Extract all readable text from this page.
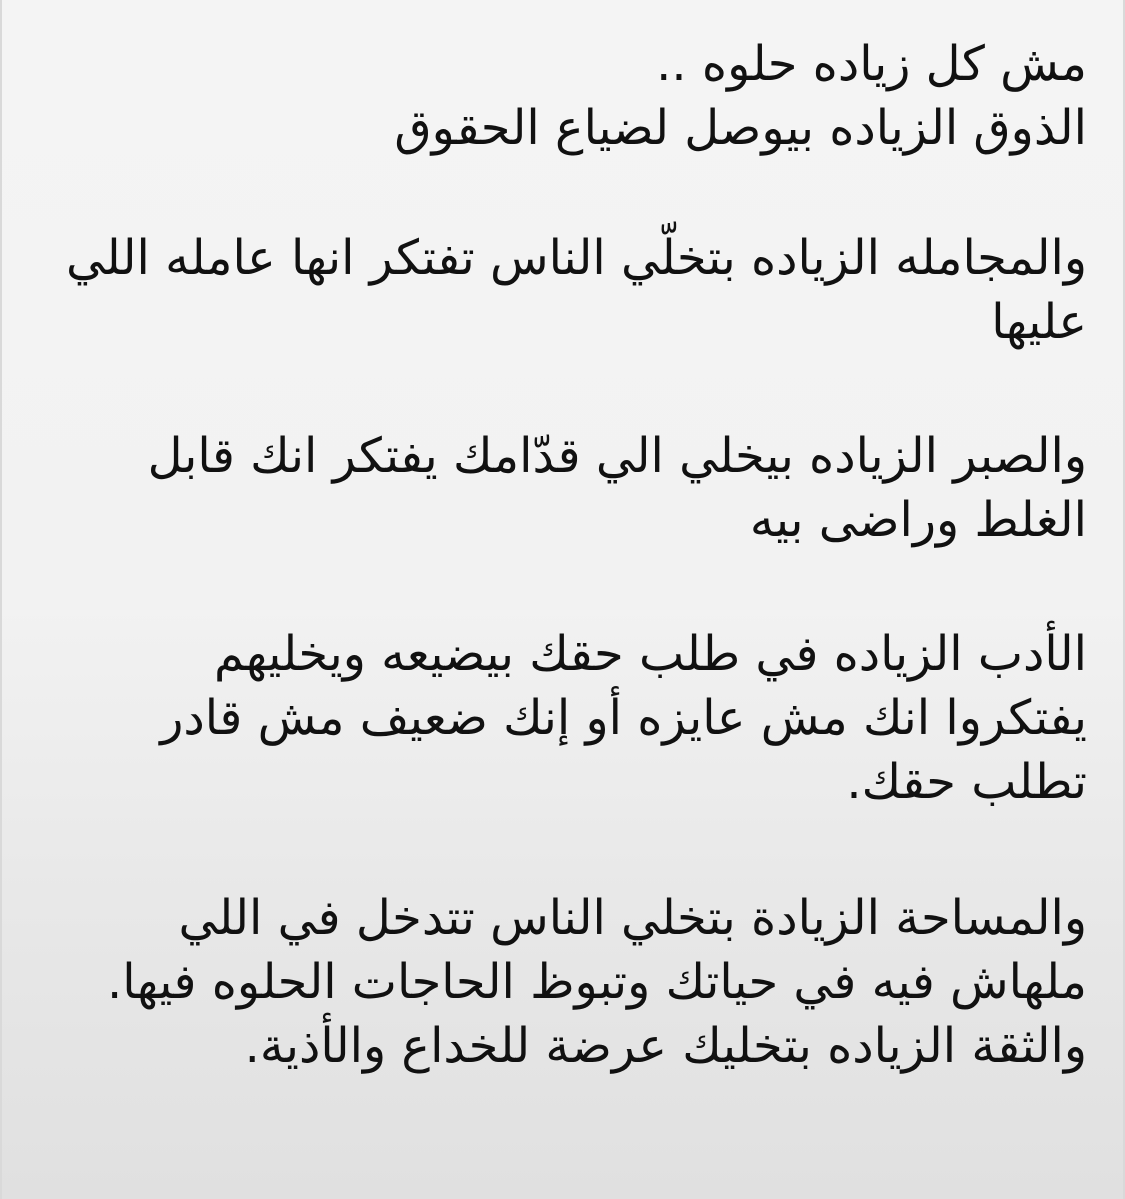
مش كل زياده حلوه ..
الذوق الزياده بيوصل لضياع الحقوق
والمجامله الزياده بتخلّي الناس تفتكر انها عامله اللي
عليها
والصبر الزياده بيخلي الي قدّامك يفتكر انك قابل
الغلط وراضى بيه
الأدب الزياده في طلب حقك بيضيعه ويخليهم
يفتكروا انك مش عايزه أو إنك ضعيف مش قادر
تطلب حقك.
والمساحة الزيادة بتخلي الناس تتدخل في اللي
ملهاش فيه في حياتك وتبوظ الحاجات الحلوه فيها.
والثقة الزياده بتخليك عرضة للخداع والأذية.
